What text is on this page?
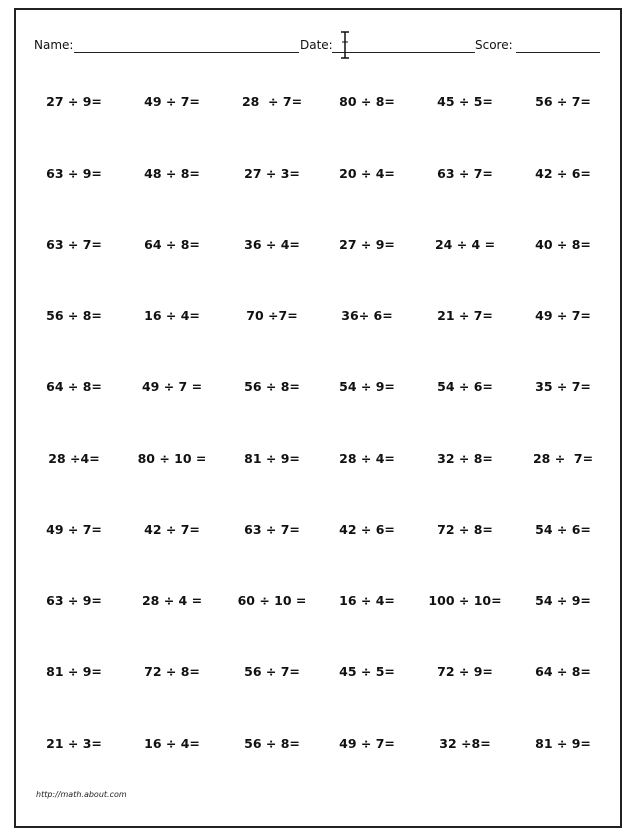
Name:	Date:	Score:
27 ÷ 9=	49 ÷ 7=	28  ÷ 7=	80 ÷ 8=	45 ÷ 5=	56 ÷ 7=
63 ÷ 9=	48 ÷ 8=	27 ÷ 3=	20 ÷ 4=	63 ÷ 7=	42 ÷ 6=
63 ÷ 7=	64 ÷ 8=	36 ÷ 4=	27 ÷ 9=	24 ÷ 4 =	40 ÷ 8=
56 ÷ 8=	16 ÷ 4=	70 ÷7=	36÷ 6=	21 ÷ 7=	49 ÷ 7=
64 ÷ 8=	49 ÷ 7 =	56 ÷ 8=	54 ÷ 9=	54 ÷ 6=	35 ÷ 7=
28 ÷4=	80 ÷ 10 =	81 ÷ 9=	28 ÷ 4=	32 ÷ 8=	28 ÷  7=
49 ÷ 7=	42 ÷ 7=	63 ÷ 7=	42 ÷ 6=	72 ÷ 8=	54 ÷ 6=
63 ÷ 9=	28 ÷ 4 =	60 ÷ 10 =	16 ÷ 4=	100 ÷ 10=	54 ÷ 9=
81 ÷ 9=	72 ÷ 8=	56 ÷ 7=	45 ÷ 5=	72 ÷ 9=	64 ÷ 8=
21 ÷ 3=	16 ÷ 4=	56 ÷ 8=	49 ÷ 7=	32 ÷8=	81 ÷ 9=
http://math.about.com
